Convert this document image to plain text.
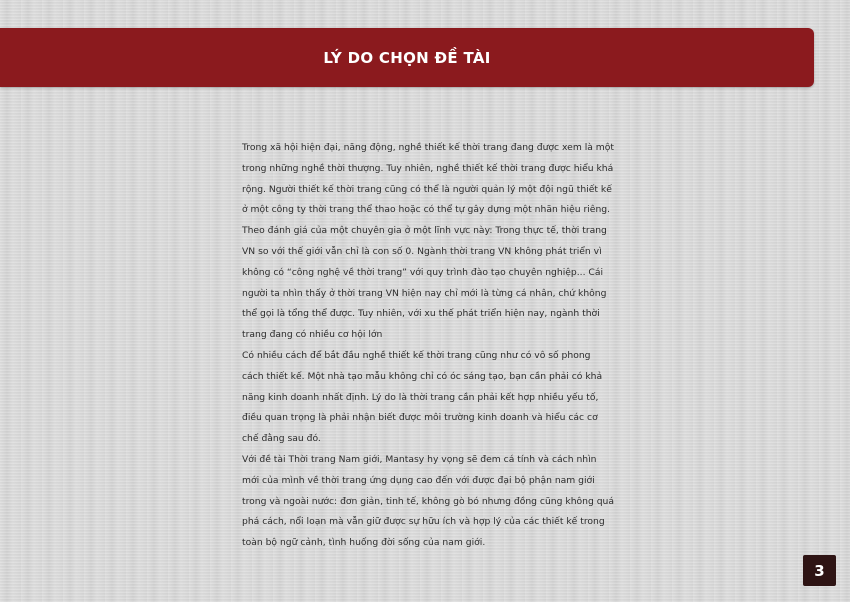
LÝ DO CHỌN ĐỀ TÀI

Trong xã hội hiện đại, năng động, nghề thiết kế thời trang đang được xem là một trong những nghề thời thượng. Tuy nhiên, nghề thiết kế thời trang được hiểu khá rộng. Người thiết kế thời trang cũng có thể là người quản lý một đội ngũ thiết kế ở một công ty thời trang thể thao hoặc có thể tự gây dựng một nhãn hiệu riêng.

Theo đánh giá của một chuyên gia ở một lĩnh vực này: Trong thực tế, thời trang VN so với thế giới vẫn chỉ là con số 0. Ngành thời trang VN không phát triển vì không có “công nghệ về thời trang” với quy trình đào tạo chuyên nghiệp... Cái người ta nhìn thấy ở thời trang VN hiện nay chỉ mới là từng cá nhân, chứ không thể gọi là tổng thể được. Tuy nhiên, với xu thế phát triển hiện nay, ngành thời trang đang có nhiều cơ hội lớn

Có nhiều cách để bắt đầu nghề thiết kế thời trang cũng như có vô số phong cách thiết kế. Một nhà tạo mẫu không chỉ có óc sáng tạo, bạn cần phải có khả năng kinh doanh nhất định. Lý do là thời trang cần phải kết hợp nhiều yếu tố, điều quan trọng là phải nhận biết được môi trường kinh doanh và hiểu các cơ chế đằng sau đó.

Với đề tài Thời trang Nam giới, Mantasy hy vọng sẽ đem cá tính và cách nhìn mới của mình về thời trang ứng dụng cao đến với được đại bộ phận nam giới trong và ngoài nước: đơn giản, tinh tế, không gò bó nhưng đồng cũng không quá phá cách, nổi loạn mà vẫn giữ được sự hữu ích và hợp lý của các thiết kế trong toàn bộ ngữ cảnh, tình huống đời sống của nam giới.

3
